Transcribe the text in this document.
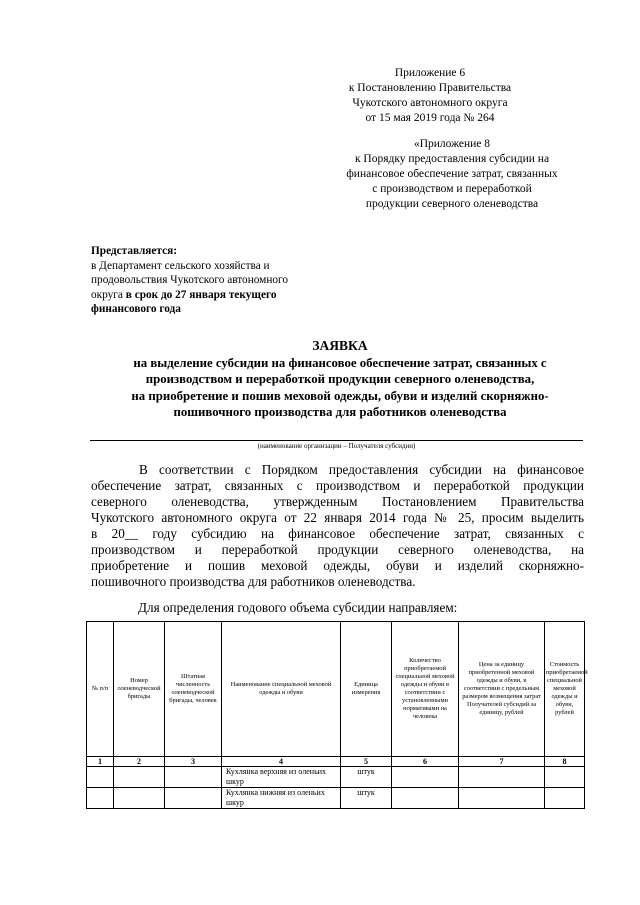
Приложение 6
к Постановлению Правительства
Чукотского автономного округа
от 15 мая 2019 года № 264
«Приложение 8
к Порядку предоставления субсидии на
финансовое обеспечение затрат, связанных
с производством и переработкой
продукции северного оленеводства
Представляется:
в Департамент сельского хозяйства и
продовольствия Чукотского автономного
округа в срок до 27 января текущего
финансового года
ЗАЯВКА
на выделение субсидии на финансовое обеспечение затрат, связанных с
производством и переработкой продукции северного оленеводства,
на приобретение и пошив меховой одежды, обуви и изделий скорняжно-
пошивочного производства для работников оленеводства
(наименование организации – Получателя субсидии)
В соответствии с Порядком предоставления субсидии на финансовое
обеспечение затрат, связанных с производством и переработкой продукции
северного оленеводства, утвержденным Постановлением Правительства
Чукотского автономного округа от 22 января 2014 года № 25, просим выделить
в 20__ году субсидию на финансовое обеспечение затрат, связанных с
производством и переработкой продукции северного оленеводства, на
приобретение и пошив меховой одежды, обуви и изделий скорняжно-
пошивочного производства для работников оленеводства.
Для определения годового объема субсидии направляем:
№ п/п	Номер оленеводческой бригады	Штатная численность оленеводческой бригады, человек	Наименование специальной меховой одежды и обуви	Единица измерения	Количество приобретаемой специальной меховой одежды и обуви в соответствии с установленными нормативами на человека	Цена за единицу приобретенной меховой одежды и обуви, в соответствии с предельным размером возмещения затрат Получателей субсидий за единицу, рублей	Стоимость приобретаемой специальной меховой одежды и обуви, рублей
1	2	3	4	5	6	7	8
			Кухлянка верхняя из оленьих шкур	штук			
			Кухлянка нижняя из оленьих шкур	штук			
